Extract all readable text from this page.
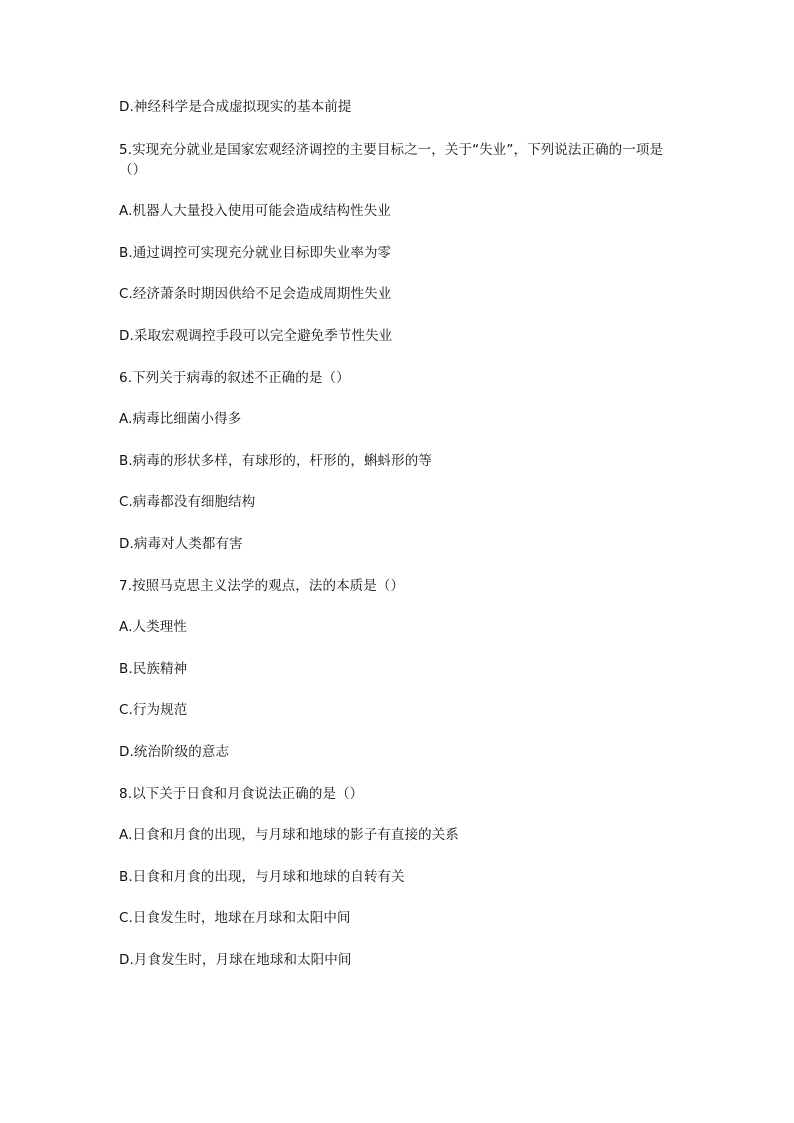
D.神经科学是合成虚拟现实的基本前提
5.实现充分就业是国家宏观经济调控的主要目标之一，关于“失业”，下列说法正确的一项是（）
A.机器人大量投入使用可能会造成结构性失业
B.通过调控可实现充分就业目标即失业率为零
C.经济萧条时期因供给不足会造成周期性失业
D.采取宏观调控手段可以完全避免季节性失业
6.下列关于病毒的叙述不正确的是（）
A.病毒比细菌小得多
B.病毒的形状多样，有球形的，杆形的，蝌蚪形的等
C.病毒都没有细胞结构
D.病毒对人类都有害
7.按照马克思主义法学的观点，法的本质是（）
A.人类理性
B.民族精神
C.行为规范
D.统治阶级的意志
8.以下关于日食和月食说法正确的是（）
A.日食和月食的出现，与月球和地球的影子有直接的关系
B.日食和月食的出现，与月球和地球的自转有关
C.日食发生时，地球在月球和太阳中间
D.月食发生时，月球在地球和太阳中间
